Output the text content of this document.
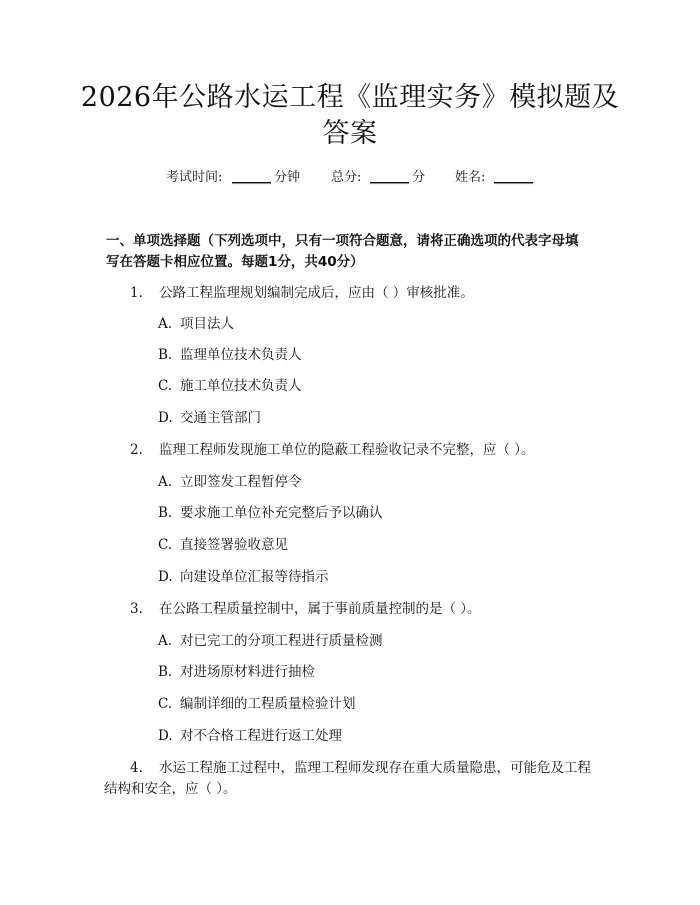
2026年公路水运工程《监理实务》模拟题及
答案
考试时间: ______ 分钟 总分: ______ 分 姓名: ______
一、单项选择题（下列选项中，只有一项符合题意，请将正确选项的代表字母填
写在答题卡相应位置。每题1分，共40分）
1. 公路工程监理规划编制完成后，应由（ ）审核批准。
A. 项目法人
B. 监理单位技术负责人
C. 施工单位技术负责人
D. 交通主管部门
2. 监理工程师发现施工单位的隐蔽工程验收记录不完整，应（ ）。
A. 立即签发工程暂停令
B. 要求施工单位补充完整后予以确认
C. 直接签署验收意见
D. 向建设单位汇报等待指示
3. 在公路工程质量控制中，属于事前质量控制的是（ ）。
A. 对已完工的分项工程进行质量检测
B. 对进场原材料进行抽检
C. 编制详细的工程质量检验计划
D. 对不合格工程进行返工处理
4. 水运工程施工过程中，监理工程师发现存在重大质量隐患，可能危及工程
结构和安全，应（ ）。
